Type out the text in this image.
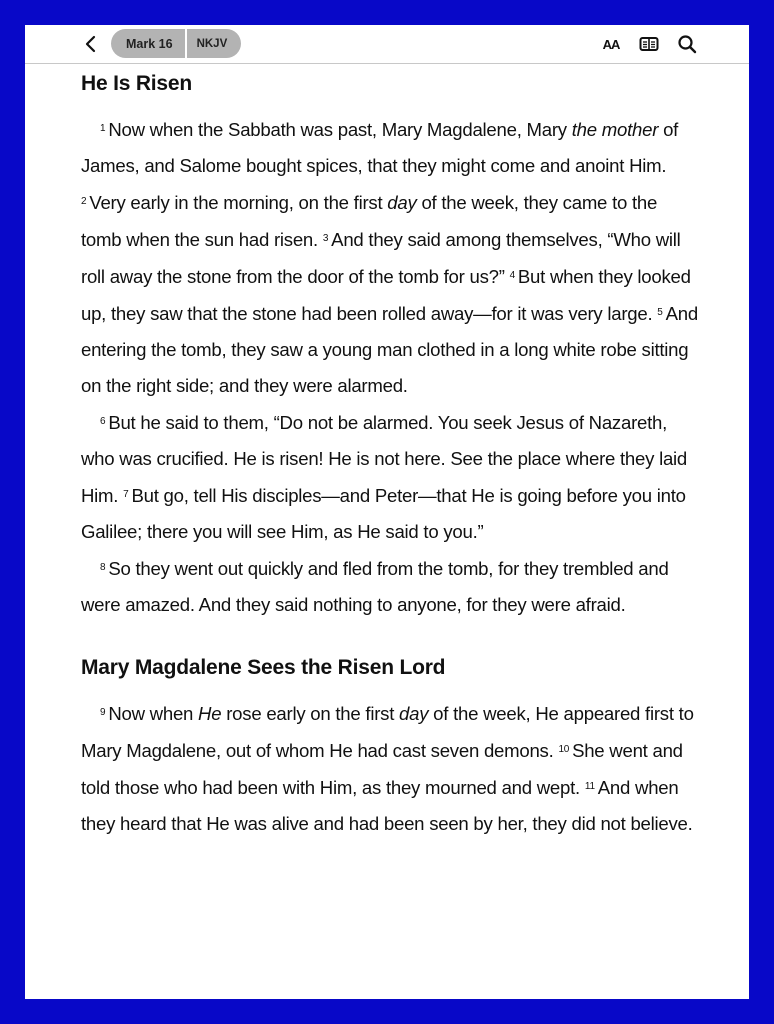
Mark 16	NKJV	AA
He Is Risen

$^1$ Now when the Sabbath was past, Mary Magdalene, Mary the mother of James, and Salome bought spices, that they might come and anoint Him. $^2$ Very early in the morning, on the first day of the week, they came to the tomb when the sun had risen. $^3$ And they said among themselves, “Who will roll away the stone from the door of the tomb for us?” $^4$ But when they looked up, they saw that the stone had been rolled away—for it was very large. $^5$ And entering the tomb, they saw a young man clothed in a long white robe sitting on the right side; and they were alarmed.

$^6$ But he said to them, “Do not be alarmed. You seek Jesus of Nazareth, who was crucified. He is risen! He is not here. See the place where they laid Him. $^7$ But go, tell His disciples—and Peter—that He is going before you into Galilee; there you will see Him, as He said to you.”

$^8$ So they went out quickly and fled from the tomb, for they trembled and were amazed. And they said nothing to anyone, for they were afraid.

Mary Magdalene Sees the Risen Lord

$^9$ Now when He rose early on the first day of the week, He appeared first to Mary Magdalene, out of whom He had cast seven demons. $^{10}$ She went and told those who had been with Him, as they mourned and wept. $^{11}$ And when they heard that He was alive and had been seen by her, they did not believe.
